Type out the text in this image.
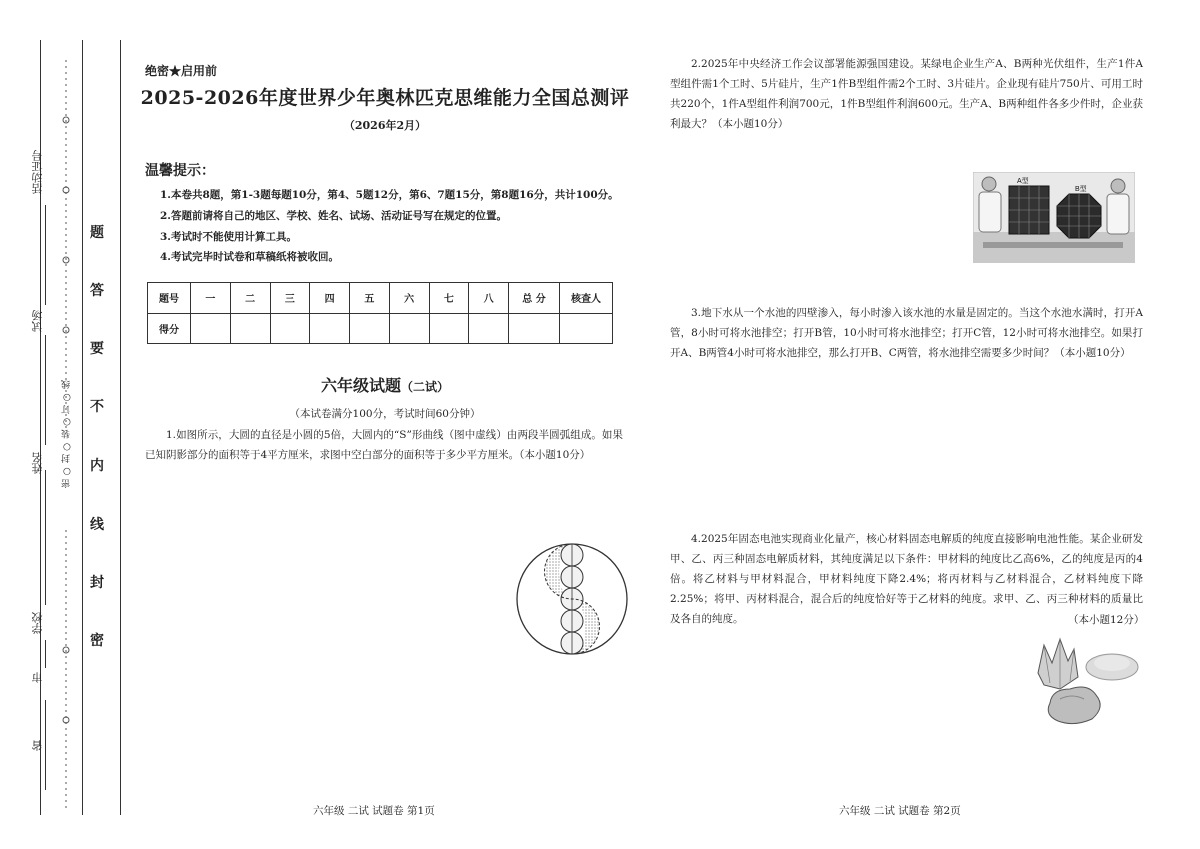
省
市
学校
姓名
试场
活动证号
密 ○ 封 ○ 装 ○ 订 ○ 线
题
答
要
不
内
线
封
密
绝密★启用前
2025-2026年度世界少年奥林匹克思维能力全国总测评
（2026年2月）
温馨提示：
1.本卷共8题，第1-3题每题10分，第4、5题12分，第6、7题15分，第8题16分，共计100分。
2.答题前请将自己的地区、学校、姓名、试场、活动证号写在规定的位置。
3.考试时不能使用计算工具。
4.考试完毕时试卷和草稿纸将被收回。
题号	一	二	三	四	五	六	七	八	总 分	核查人
得分										
六年级试题（二试）
（本试卷满分100分，考试时间60分钟）
1.如图所示，大圆的直径是小圆的5倍，大圆内的“S”形曲线（图中虚线）由两段半圆弧组成。如果已知阴影部分的面积等于4平方厘米，求图中空白部分的面积等于多少平方厘米。（本小题10分）
六年级 二试 试题卷 第1页
2.2025年中央经济工作会议部署能源强国建设。某绿电企业生产A、B两种光伏组件，生产1件A型组件需1个工时、5片硅片，生产1件B型组件需2个工时、3片硅片。企业现有硅片750片、可用工时共220个，1件A型组件利润700元，1件B型组件利润600元。生产A、B两种组件各多少件时，企业获利最大？（本小题10分）
A型
B型
3.地下水从一个水池的四壁渗入，每小时渗入该水池的水量是固定的。当这个水池水满时，打开A管，8小时可将水池排空；打开B管，10小时可将水池排空；打开C管，12小时可将水池排空。如果打开A、B两管4小时可将水池排空，那么打开B、C两管，将水池排空需要多少时间？（本小题10分）
4.2025年固态电池实现商业化量产，核心材料固态电解质的纯度直接影响电池性能。某企业研发甲、乙、丙三种固态电解质材料，其纯度满足以下条件：甲材料的纯度比乙高6%，乙的纯度是丙的4倍。将乙材料与甲材料混合，甲材料纯度下降2.4%；将丙材料与乙材料混合，乙材料纯度下降2.25%；将甲、丙材料混合，混合后的纯度恰好等于乙材料的纯度。求甲、乙、丙三种材料的质量比及各自的纯度。	（本小题12分）
六年级 二试 试题卷 第2页
